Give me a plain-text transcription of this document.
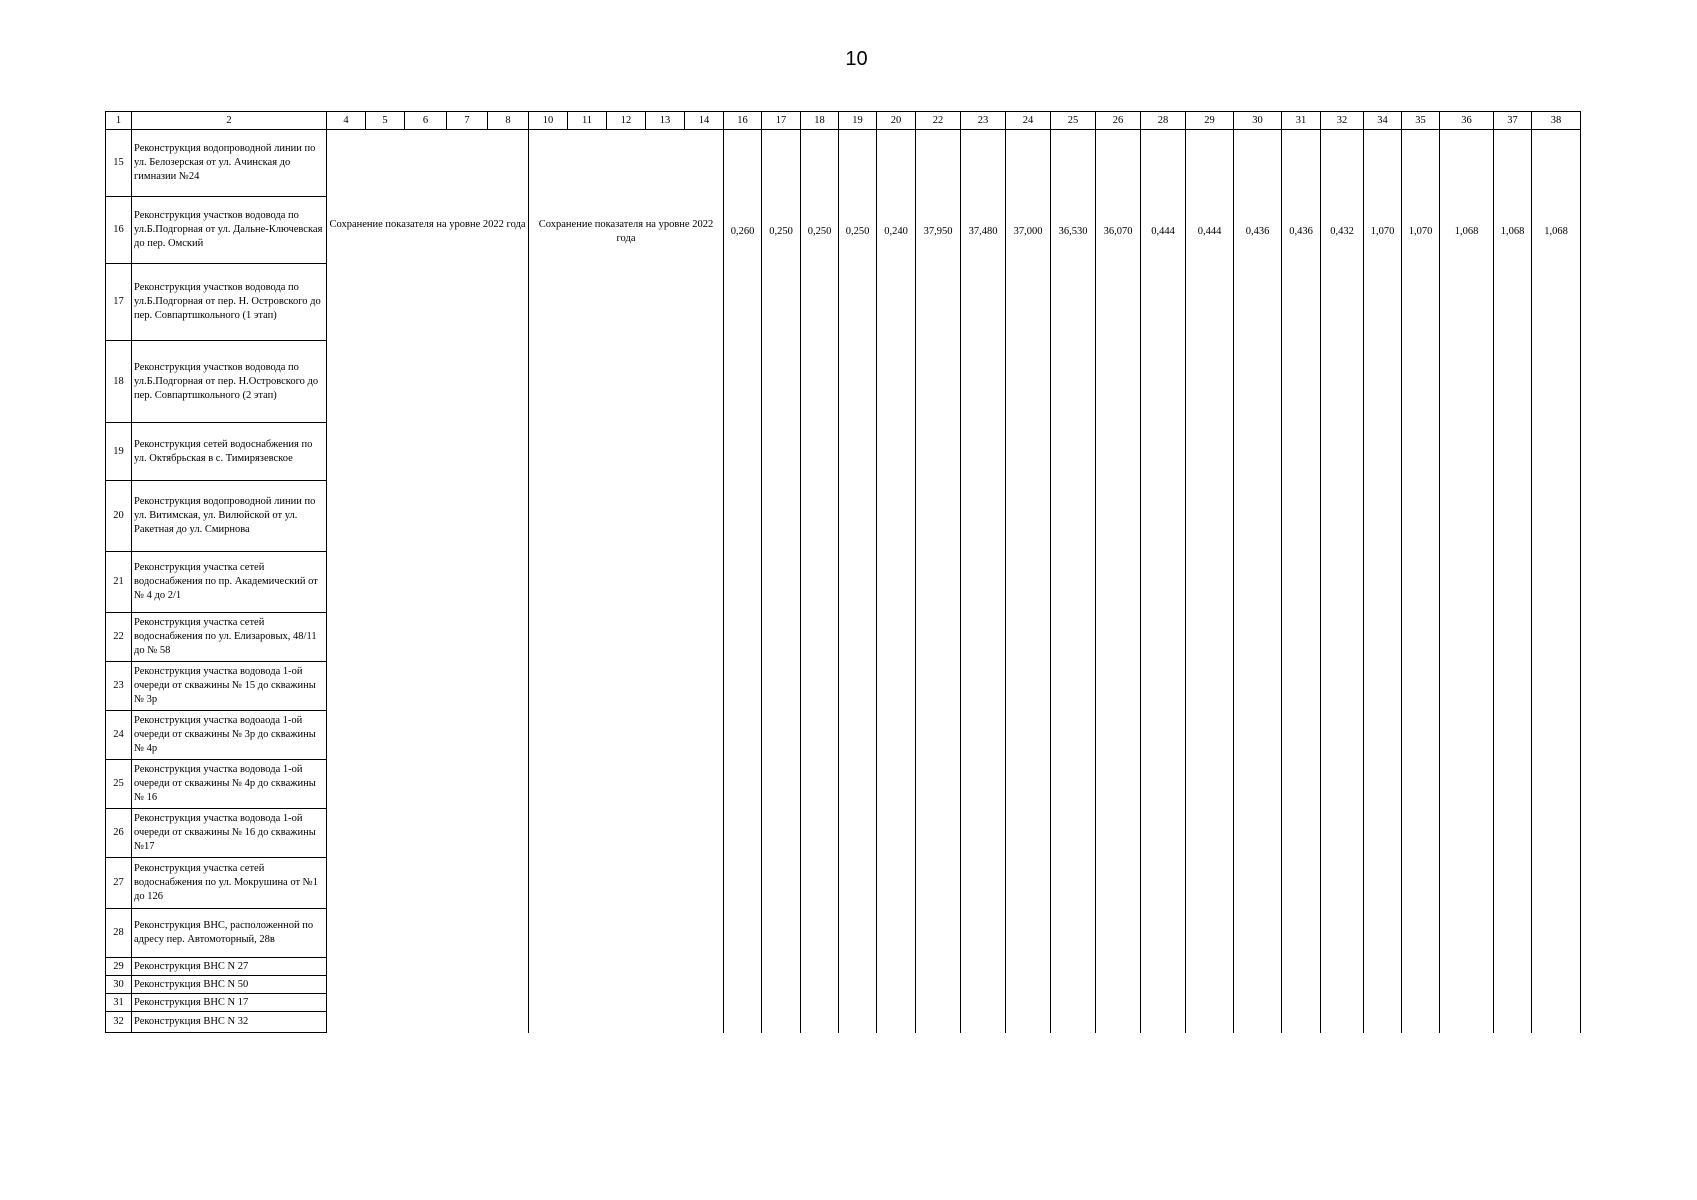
10
1	2	4	5	6	7	8	10	11	12	13	14	16	17	18	19	20	22	23	24	25	26	28	29	30	31	32	34	35	36	37	38
15	Реконструкция водопроводной линии по ул. Белозерская от ул. Ачинская до гимназии №24	Сохранение показателя на уровне 2022 года					Сохранение показателя на уровне 2022 года					0,260	0,250	0,250	0,250	0,240	37,950	37,480	37,000	36,530	36,070	0,444	0,444	0,436	0,436	0,432	1,070	1,070	1,068	1,068	1,068
16	Реконструкция участков водовода по ул.Б.Подгорная от ул. Дальне-Ключевская до пер. Омский																														
17	Реконструкция участков водовода по ул.Б.Подгорная от пер. Н. Островского до пер. Совпартшкольного (1 этап)																														
18	Реконструкция участков водовода по ул.Б.Подгорная от пер. Н.Островского до пер. Совпартшкольного (2 этап)																														
19	Реконструкция сетей водоснабжения по ул. Октябрьская в с. Тимирязевское																														
20	Реконструкция водопроводной линии по ул. Витимская, ул. Вилюйской от ул. Ракетная до ул. Смирнова																														
21	Реконструкция участка сетей водоснабжения по пр. Академический от № 4 до 2/1																														
22	Реконструкция участка сетей водоснабжения по ул. Елизаровых, 48/11 до № 58																														
23	Реконструкция участка водовода 1-ой очереди от скважины № 15 до скважины № 3р																														
24	Реконструкция участка водоаода 1-ой очереди от скважины № 3р до скважины № 4р																														
25	Реконструкция участка водовода 1-ой очереди от скважины № 4р до скважины № 16																														
26	Реконструкция участка водовода 1-ой очереди от скважины № 16 до скважины №17																														
27	Реконструкция участка сетей водоснабжения по ул. Мокрушина от №1 до 126																														
28	Реконструкция ВНС, расположенной по адресу пер. Автомоторный, 28в																														
29	Реконструкция ВНС N 27																														
30	Реконструкция ВНС N 50																														
31	Реконструкция ВНС N 17																														
32	Реконструкция ВНС N 32																														
